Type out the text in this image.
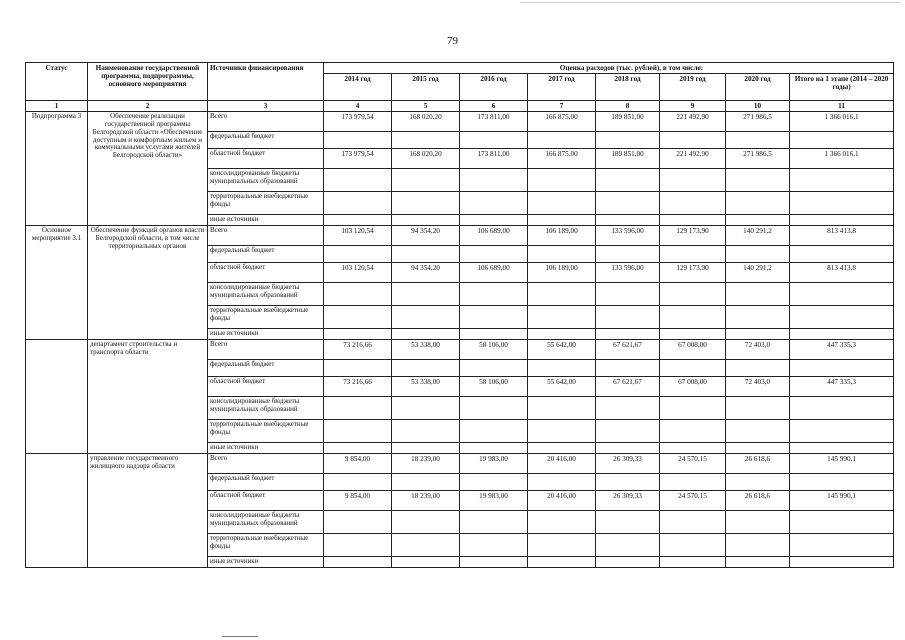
79
Статус	Наименование государственной программы, подпрограммы, основного мероприятия	Источники финансирования	Оценка расходов (тыс. рублей), в том числе:							
			2014 год	2015 год	2016 год	2017 год	2018 год	2019 год	2020 год	Итого на 1 этапе (2014 – 2020 годы)
1	2	3	4	5	6	7	8	9	10	11
Подпрограмма 3	Обеспечение реализации государственной программы Белгородской области «Обеспечение доступным и комфортным жильем и коммунальными услугами жителей Белгородской области»	Всего	173 979,54	168 020,20	173 811,00	166 875,00	189 851,00	221 492,90	271 986,5	1 366 016,1
		федеральный бюджет								
		областной бюджет	173 979,54	168 020,20	173 811,00	166 875,00	189 851,00	221 492,90	271 986,5	1 366 016,1
		консолидированные бюджеты муниципальных образований								
		территориальные внебюджетные фонды								
		иные источники								
Основное мероприятие 3.1	Обеспечение функций органов власти Белгородской области, в том числе территориальных органов	Всего	103 120,54	94 354,20	106 689,00	106 189,00	133 596,00	129 173,90	140 291,2	813 413,8
		федеральный бюджет								
		областной бюджет	103 120,54	94 354,20	106 689,00	106 189,00	133 596,00	129 173,90	140 291,2	813 413,8
		консолидированные бюджеты муниципальных образований								
		территориальные внебюджетные фонды								
		иные источники								
	департамент строительства и транспорта области	Всего	73 216,66	53 338,00	58 106,00	55 642,00	67 621,67	67 008,00	72 403,0	447 335,3
		федеральный бюджет								
		областной бюджет	73 216,66	53 338,00	58 106,00	55 642,00	67 621,67	67 008,00	72 403,0	447 335,3
		консолидированные бюджеты муниципальных образований								
		территориальные внебюджетные фонды								
		иные источники								
	управление государственного жилищного надзора области	Всего	9 854,00	18 239,00	19 983,00	20 416,00	26 309,33	24 570,15	26 618,6	145 990,1
		федеральный бюджет								
		областной бюджет	9 854,00	18 239,00	19 983,00	20 416,00	26 309,33	24 570,15	26 618,6	145 990,1
		консолидированные бюджеты муниципальных образований								
		территориальные внебюджетные фонды								
		иные источники								
